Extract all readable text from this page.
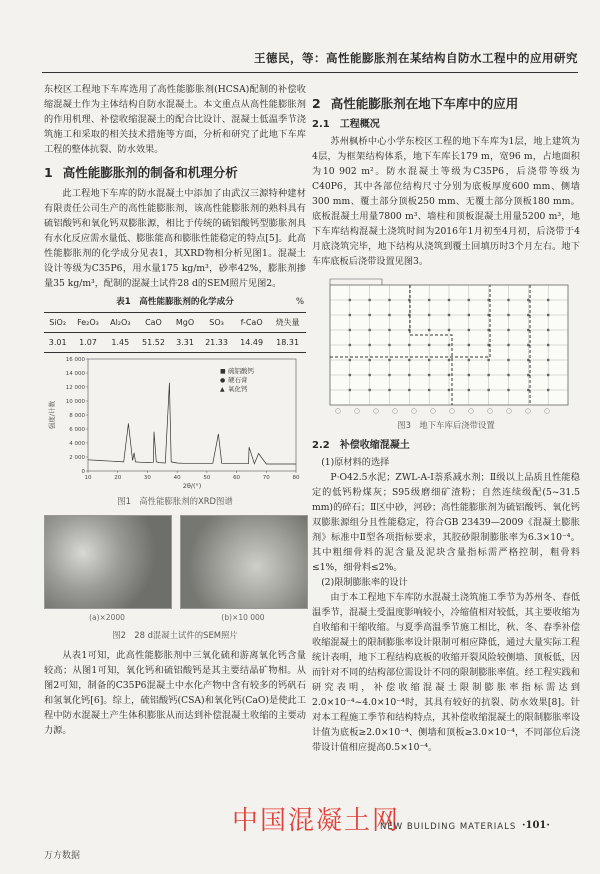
王德民，等：高性能膨胀剂在某结构自防水工程中的应用研究

东校区工程地下车库选用了高性能膨胀剂(HCSA)配制的补偿收缩混凝土作为主体结构自防水混凝土。本文重点从高性能膨胀剂的作用机理、补偿收缩混凝土的配合比设计、混凝土低温季节浇筑施工和采取的相关技术措施等方面，分析和研究了此地下车库工程的整体抗裂、防水效果。

1 高性能膨胀剂的制备和机理分析

此工程地下车库的防水混凝土中添加了由武汉三源特种建材有限责任公司生产的高性能膨胀剂，该高性能膨胀剂的熟料具有硫铝酸钙和氧化钙双膨胀源，相比于传统的硫铝酸钙型膨胀剂具有水化反应需水量低、膨胀能高和膨胀性能稳定的特点[5]。此高性能膨胀剂的化学成分见表1，其XRD物相分析见图1。混凝土设计等级为C35P6，用水量175 kg/m³，砂率42%，膨胀剂掺量35 kg/m³，配制的混凝土试件28 d的SEM照片见图2。

表1　高性能膨胀剂的化学成分	%
SiO₂	Fe₂O₃	Al₂O₃	CaO	MgO	SO₃	f-CaO	烧失量
3.01	1.07	1.45	51.52	3.31	21.33	14.49	18.31
0
2 000
4 000
6 000
8 000
10 000
12 000
14 000
16 000
10	20	30	40	50	60	70	80
2θ/(°)
强度/计数
■ 硫铝酸钙
● 硬石膏
▲ 氧化钙
图1　高性能膨胀剂的XRD图谱
(a)×2000	(b)×10 000
图2　28 d混凝土试件的SEM照片

从表1可知，此高性能膨胀剂中三氧化硫和游离氧化钙含量较高；从图1可知，氧化钙和硫铝酸钙是其主要结晶矿物相。从图2可知，制备的C35P6混凝土中水化产物中含有较多的钙矾石和氢氧化钙[6]。综上，硫铝酸钙(CSA)和氧化钙(CaO)是使此工程中防水混凝土产生体积膨胀从而达到补偿混凝土收缩的主要动力源。

2 高性能膨胀剂在地下车库中的应用
2.1 工程概况

苏州枫桥中心小学东校区工程的地下车库为1层，地上建筑为4层，为框架结构体系，地下车库长179 m，宽96 m，占地面积为10 902 m²。防水混凝土等级为C35P6，后浇带等级为C40P6，其中各部位结构尺寸分别为底板厚度600 mm、侧墙300 mm、覆土部分顶板250 mm、无覆土部分顶板180 mm。底板混凝土用量7800 m³、墙柱和顶板混凝土用量5200 m³，地下车库结构混凝土浇筑时间为2016年1月初至4月初，后浇带于4月底浇筑完毕，地下结构从浇筑到覆土回填历时3个月左右。地下车库底板后浇带设置见图3。

图3　地下车库后浇带设置
2.2 补偿收缩混凝土

(1)原材料的选择

P·O42.5水泥；ZWL-A-I萘系减水剂；Ⅱ级以上品质且性能稳定的低钙粉煤灰；S95级磨细矿渣粉；自然连续级配(5~31.5 mm)的碎石；Ⅱ区中砂，河砂；高性能膨胀剂为硫铝酸钙、氧化钙双膨胀源组分且性能稳定，符合GB 23439—2009《混凝土膨胀剂》标准中Ⅱ型各项指标要求，其胶砂限制膨胀率为6.3×10⁻⁴。其中粗细骨料的泥含量及泥块含量指标需严格控制，粗骨料≤1%，细骨料≤2%。

(2)限制膨胀率的设计

由于本工程地下车库防水混凝土浇筑施工季节为苏州冬、春低温季节，混凝土受温度影响较小，冷缩值相对较低，其主要收缩为自收缩和干缩收缩。与夏季高温季节施工相比，秋、冬、春季补偿收缩混凝土的限制膨胀率设计限制可相应降低，通过大量实际工程统计表明，地下工程结构底板的收缩开裂风险较侧墙、顶板低，因而针对不同的结构部位需设计不同的限制膨胀率值。经工程实践和研究表明，补偿收缩混凝土限制膨胀率指标需达到2.0×10⁻⁴~4.0×10⁻⁴时，其具有较好的抗裂、防水效果[8]。针对本工程施工季节和结构特点，其补偿收缩混凝土的限制膨胀率设计值为底板≥2.0×10⁻⁴、侧墙和顶板≥3.0×10⁻⁴，不同部位后浇带设计值相应提高0.5×10⁻⁴。

中国混凝土网
NEW BUILDING MATERIALS ·101·
万方数据
